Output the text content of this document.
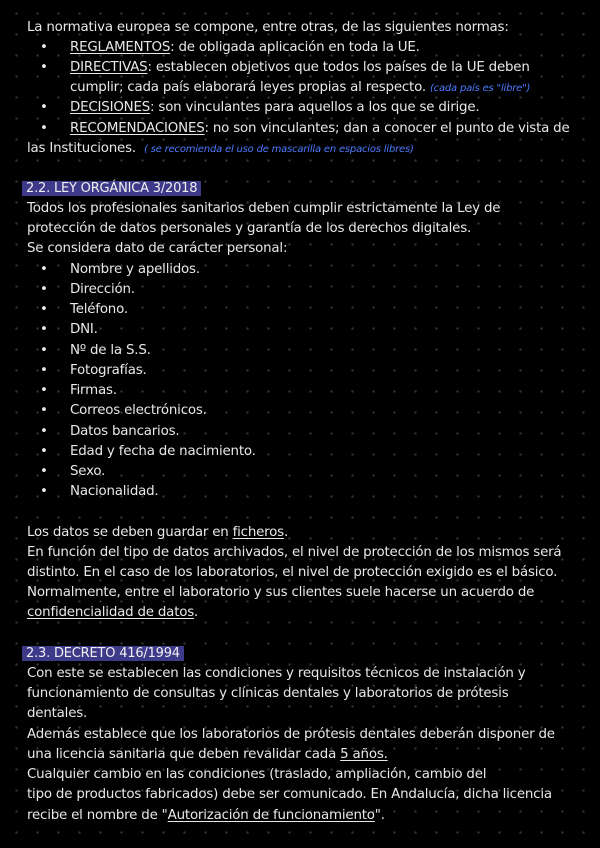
La normativa europea se compone, entre otras, de las siguientes normas:
• REGLAMENTOS: de obligada aplicación en toda la UE.
• DIRECTIVAS: establecen objetivos que todos los países de la UE deben
cumplir; cada país elaborará leyes propias al respecto. (cada país es "libre")
• DECISIONES: son vinculantes para aquellos a los que se dirige.
• RECOMENDACIONES: no son vinculantes; dan a conocer el punto de vista de
las Instituciones. ( se recomienda el uso de mascarilla en espacios libres)
2.2. LEY ORGÁNICA 3/2018
Todos los profesionales sanitarios deben cumplir estrictamente la Ley de
protección de datos personales y garantía de los derechos digitales.
Se considera dato de carácter personal:
• Nombre y apellidos.
• Dirección.
• Teléfono.
• DNI.
• Nº de la S.S.
• Fotografías.
• Firmas.
• Correos electrónicos.
• Datos bancarios.
• Edad y fecha de nacimiento.
• Sexo.
• Nacionalidad.
Los datos se deben guardar en ficheros.
En función del tipo de datos archivados, el nivel de protección de los mismos será
distinto. En el caso de los laboratorios, el nivel de protección exigido es el básico.
Normalmente, entre el laboratorio y sus clientes suele hacerse un acuerdo de
confidencialidad de datos.
2.3. DECRETO 416/1994
Con este se establecen las condiciones y requisitos técnicos de instalación y
funcionamiento de consultas y clínicas dentales y laboratorios de prótesis
dentales.
Además establece que los laboratorios de prótesis dentales deberán disponer de
una licencia sanitaria que deben revalidar cada 5 años.
Cualquier cambio en las condiciones (traslado, ampliación, cambio del
tipo de productos fabricados) debe ser comunicado. En Andalucía, dicha licencia
recibe el nombre de "Autorización de funcionamiento".
